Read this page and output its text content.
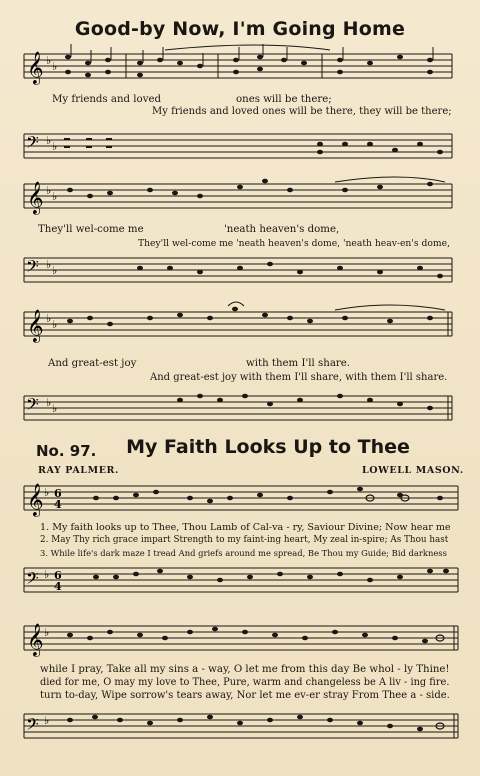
Good-by Now, I'm Going Home
𝄞 ♭ ♭
𝄢 ♭ ♭
My friends and loved	ones will be there;
My friends and loved ones will be there, they will be there;
𝄞 ♭ ♭
𝄢 ♭ ♭
They'll wel-come me	'neath heaven's dome,
They'll wel-come me 'neath heaven's dome, 'neath heav-en's dome,
𝄞 ♭ ♭
𝄢 ♭ ♭
And great-est joy	with them I'll share.
And great-est joy with them I'll share, with them I'll share.
No. 97.	My Faith Looks Up to Thee
RAY PALMER.	LOWELL MASON.
𝄞 ♭ 6
4
𝄢 ♭ 6
4
1. My faith looks up to Thee, Thou Lamb of Cal-va - ry, Saviour Divine; Now hear me
2. May Thy rich grace impart Strength to my faint-ing heart, My zeal in-spire; As Thou hast
3. While life's dark maze I tread And griefs around me spread, Be Thou my Guide; Bid darkness
𝄞 ♭
𝄢 ♭
while I pray, Take all my sins a - way, O let me from this day Be whol - ly Thine!
died for me, O may my love to Thee, Pure, warm and changeless be A liv - ing fire.
turn to-day, Wipe sorrow's tears away, Nor let me ev-er stray From Thee a - side.
